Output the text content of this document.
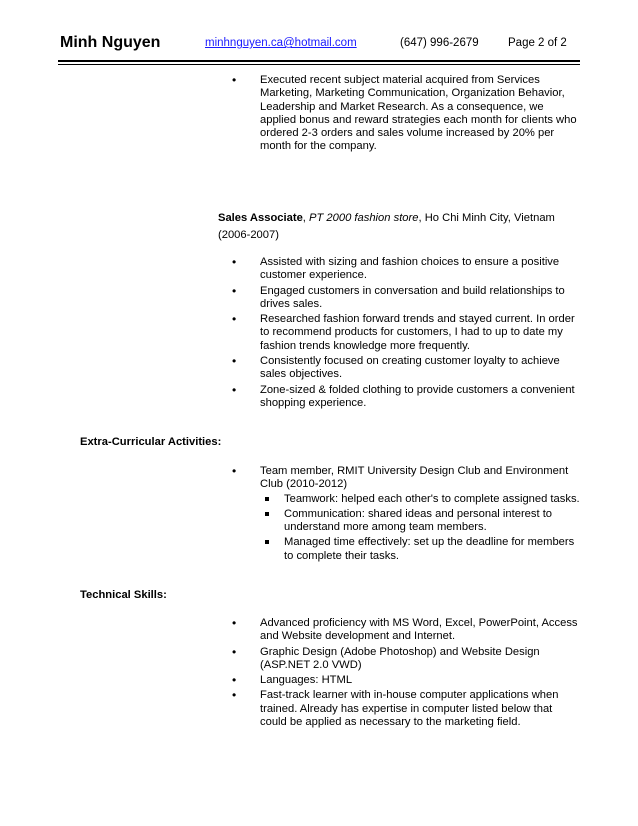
Minh Nguyen	minhnguyen.ca@hotmail.com	(647) 996-2679	Page 2 of 2
• Executed recent subject material acquired from Services Marketing, Marketing Communication, Organization Behavior, Leadership and Market Research. As a consequence, we applied bonus and reward strategies each month for clients who ordered 2-3 orders and sales volume increased by 20% per month for the company.
Sales Associate, PT 2000 fashion store, Ho Chi Minh City, Vietnam (2006-2007)
• Assisted with sizing and fashion choices to ensure a positive customer experience.
• Engaged customers in conversation and build relationships to drives sales.
• Researched fashion forward trends and stayed current. In order to recommend products for customers, I had to up to date my fashion trends knowledge more frequently.
• Consistently focused on creating customer loyalty to achieve sales objectives.
• Zone-sized & folded clothing to provide customers a convenient shopping experience.
Extra-Curricular Activities:
• Team member, RMIT University Design Club and Environment Club (2010-2012)
Teamwork: helped each other's to complete assigned tasks.
Communication: shared ideas and personal interest to understand more among team members.
Managed time effectively: set up the deadline for members to complete their tasks.
Technical Skills:
• Advanced proficiency with MS Word, Excel, PowerPoint, Access and Website development and Internet.
• Graphic Design (Adobe Photoshop) and Website Design (ASP.NET 2.0 VWD)
• Languages: HTML
• Fast-track learner with in-house computer applications when trained. Already has expertise in computer listed below that could be applied as necessary to the marketing field.
